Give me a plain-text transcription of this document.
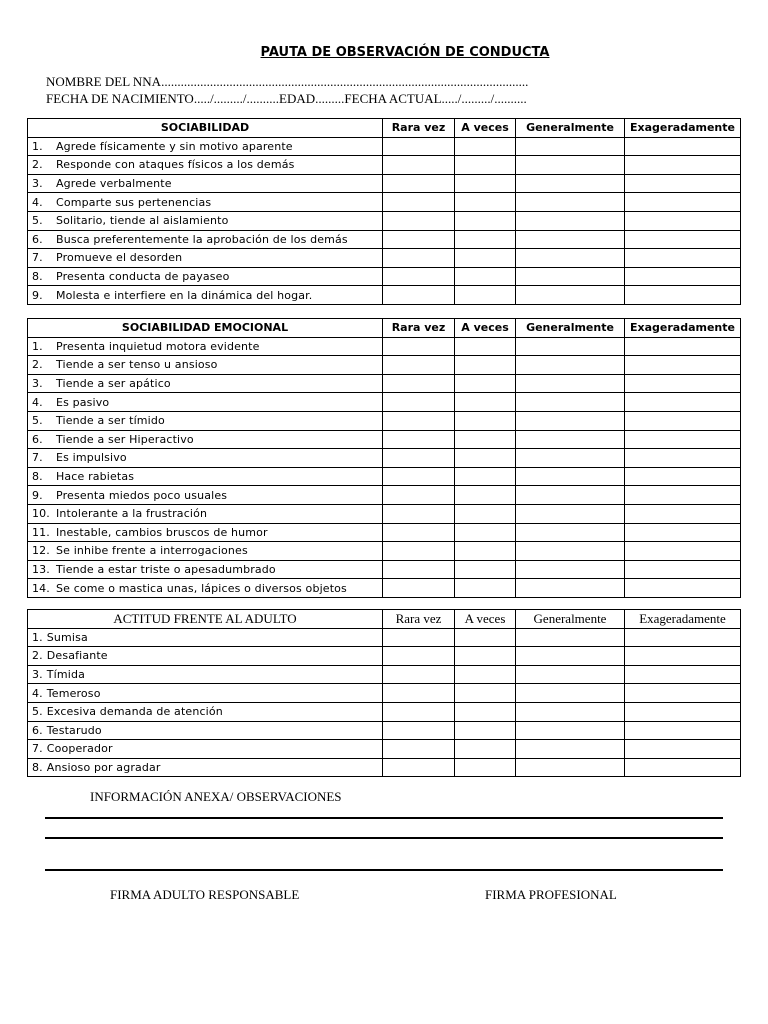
PAUTA DE OBSERVACIÓN DE CONDUCTA
NOMBRE DEL NNA.................................................................................................................
FECHA DE NACIMIENTO...../........./..........EDAD.........FECHA ACTUAL...../........./..........
SOCIABILIDAD	Rara vez	A veces	Generalmente	Exageradamente
1. Agrede físicamente y sin motivo aparente				
2. Responde con ataques físicos a los demás				
3. Agrede verbalmente				
4. Comparte sus pertenencias				
5. Solitario, tiende al aislamiento				
6. Busca preferentemente la aprobación de los demás				
7. Promueve el desorden				
8. Presenta conducta de payaseo				
9. Molesta e interfiere en la dinámica del hogar.				
SOCIABILIDAD EMOCIONAL	Rara vez	A veces	Generalmente	Exageradamente
1. Presenta inquietud motora evidente				
2. Tiende a ser tenso u ansioso				
3. Tiende a ser apático				
4. Es pasivo				
5. Tiende a ser tímido				
6. Tiende a ser Hiperactivo				
7. Es impulsivo				
8. Hace rabietas				
9. Presenta miedos poco usuales				
10. Intolerante a la frustración				
11. Inestable, cambios bruscos de humor				
12. Se inhibe frente a interrogaciones				
13. Tiende a estar triste o apesadumbrado				
14. Se come o mastica unas, lápices o diversos objetos				
ACTITUD FRENTE AL ADULTO	Rara vez	A veces	Generalmente	Exageradamente
1. Sumisa				
2. Desafiante				
3. Tímida				
4. Temeroso				
5. Excesiva demanda de atención				
6. Testarudo				
7. Cooperador				
8. Ansioso por agradar				
INFORMACIÓN ANEXA/ OBSERVACIONES
FIRMA ADULTO RESPONSABLE	FIRMA PROFESIONAL
